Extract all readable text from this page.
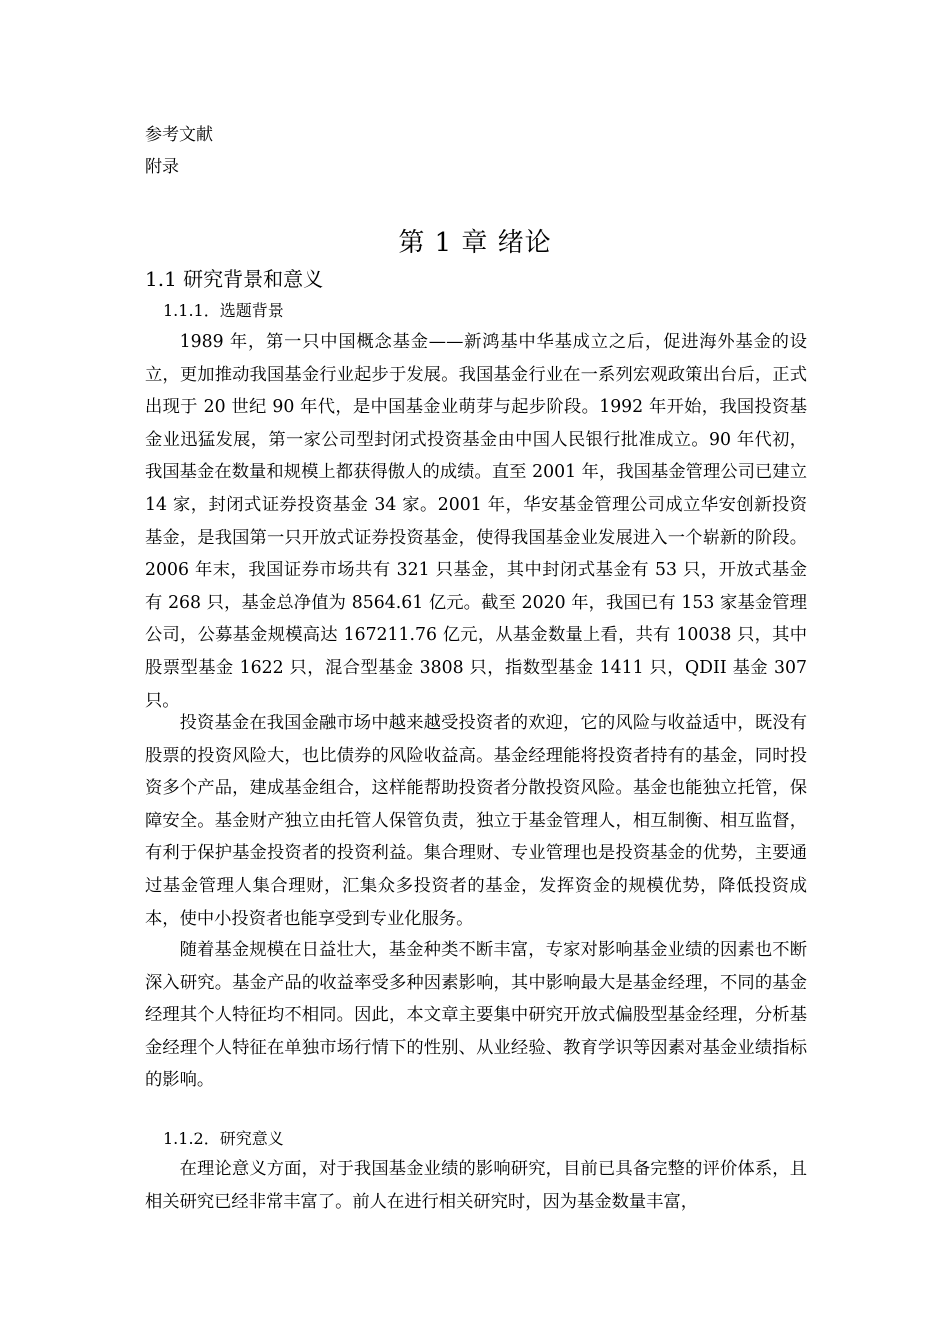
参考文献
附录
第 1 章 绪论
1.1 研究背景和意义
1.1.1．选题背景

1989 年，第一只中国概念基金——新鸿基中华基成立之后，促进海外基金的设立，更加推动我国基金行业起步于发展。我国基金行业在一系列宏观政策出台后，正式出现于 20 世纪 90 年代，是中国基金业萌芽与起步阶段。1992 年开始，我国投资基金业迅猛发展，第一家公司型封闭式投资基金由中国人民银行批准成立。90 年代初，我国基金在数量和规模上都获得傲人的成绩。直至 2001 年，我国基金管理公司已建立 14 家，封闭式证券投资基金 34 家。2001 年，华安基金管理公司成立华安创新投资基金，是我国第一只开放式证券投资基金，使得我国基金业发展进入一个崭新的阶段。2006 年末，我国证券市场共有 321 只基金，其中封闭式基金有 53 只，开放式基金有 268 只，基金总净值为 8564.61 亿元。截至 2020 年，我国已有 153 家基金管理公司，公募基金规模高达 167211.76 亿元，从基金数量上看，共有 10038 只，其中股票型基金 1622 只，混合型基金 3808 只，指数型基金 1411 只，QDII 基金 307 只。

投资基金在我国金融市场中越来越受投资者的欢迎，它的风险与收益适中，既没有股票的投资风险大，也比债券的风险收益高。基金经理能将投资者持有的基金，同时投资多个产品，建成基金组合，这样能帮助投资者分散投资风险。基金也能独立托管，保障安全。基金财产独立由托管人保管负责，独立于基金管理人，相互制衡、相互监督，有利于保护基金投资者的投资利益。集合理财、专业管理也是投资基金的优势，主要通过基金管理人集合理财，汇集众多投资者的基金，发挥资金的规模优势，降低投资成本，使中小投资者也能享受到专业化服务。

随着基金规模在日益壮大，基金种类不断丰富，专家对影响基金业绩的因素也不断深入研究。基金产品的收益率受多种因素影响，其中影响最大是基金经理，不同的基金经理其个人特征均不相同。因此，本文章主要集中研究开放式偏股型基金经理，分析基金经理个人特征在单独市场行情下的性别、从业经验、教育学识等因素对基金业绩指标的影响。

1.1.2．研究意义

在理论意义方面，对于我国基金业绩的影响研究，目前已具备完整的评价体系，且相关研究已经非常丰富了。前人在进行相关研究时，因为基金数量丰富，
